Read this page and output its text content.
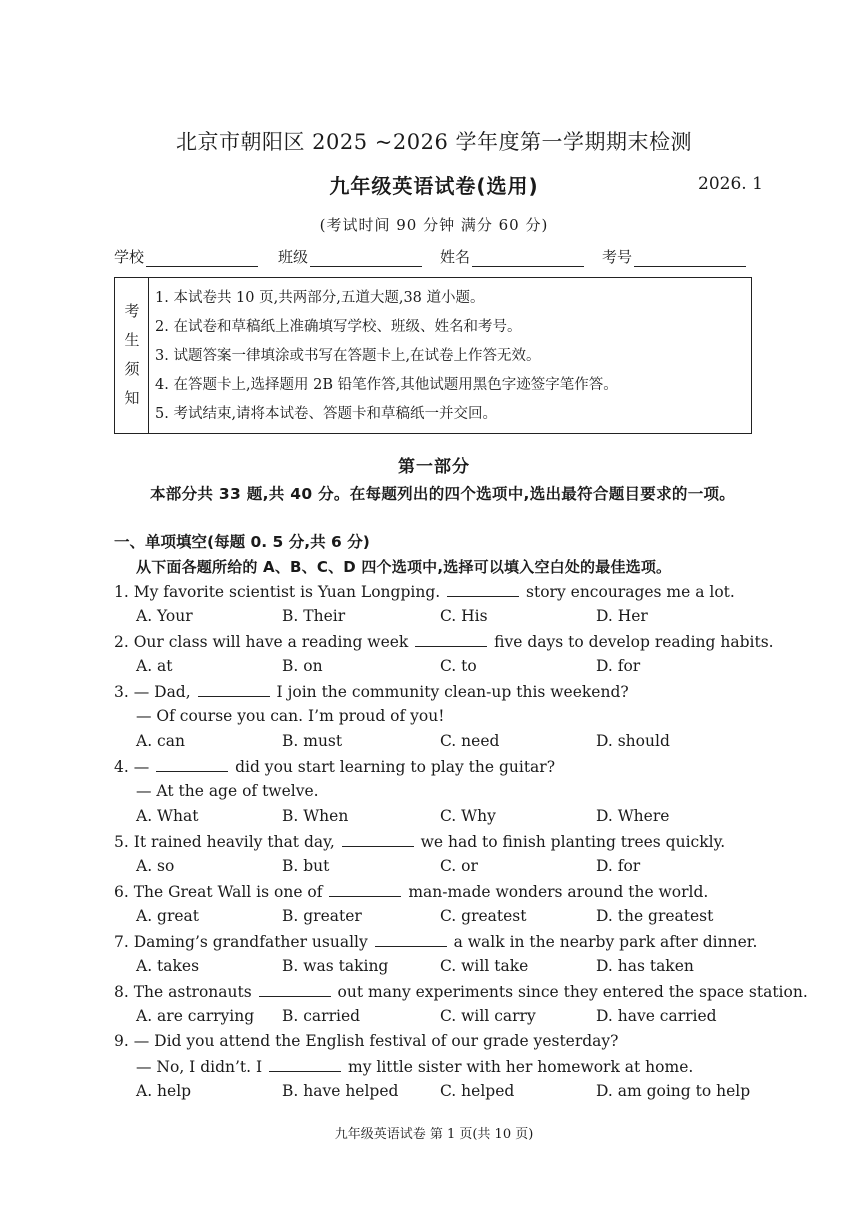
北京市朝阳区 2025 ~2026 学年度第一学期期末检测
九年级英语试卷(选用)	2026. 1
(考试时间 90 分钟 满分 60 分)
学校	班级	姓名	考号
考
生
须
知
1. 本试卷共 10 页,共两部分,五道大题,38 道小题。
2. 在试卷和草稿纸上准确填写学校、班级、姓名和考号。
3. 试题答案一律填涂或书写在答题卡上,在试卷上作答无效。
4. 在答题卡上,选择题用 2B 铅笔作答,其他试题用黑色字迹签字笔作答。
5. 考试结束,请将本试卷、答题卡和草稿纸一并交回。
第一部分
本部分共 33 题,共 40 分。在每题列出的四个选项中,选出最符合题目要求的一项。
一、单项填空(每题 0. 5 分,共 6 分)
从下面各题所给的 A、B、C、D 四个选项中,选择可以填入空白处的最佳选项。
1. My favorite scientist is Yuan Longping.	story encourages me a lot.
A. Your	B. Their	C. His	D. Her
2. Our class will have a reading week	five days to develop reading habits.
A. at	B. on	C. to	D. for
3. — Dad,	I join the community clean-up this weekend?
— Of course you can. I’m proud of you!
A. can	B. must	C. need	D. should
4. —	did you start learning to play the guitar?
— At the age of twelve.
A. What	B. When	C. Why	D. Where
5. It rained heavily that day,	we had to finish planting trees quickly.
A. so	B. but	C. or	D. for
6. The Great Wall is one of	man-made wonders around the world.
A. great	B. greater	C. greatest	D. the greatest
7. Daming’s grandfather usually	a walk in the nearby park after dinner.
A. takes	B. was taking	C. will take	D. has taken
8. The astronauts	out many experiments since they entered the space station.
A. are carrying B. carried	C. will carry	D. have carried
9. — Did you attend the English festival of our grade yesterday?
— No, I didn’t. I	my little sister with her homework at home.
A. help	B. have helped	C. helped	D. am going to help
九年级英语试卷 第 1 页(共 10 页)
